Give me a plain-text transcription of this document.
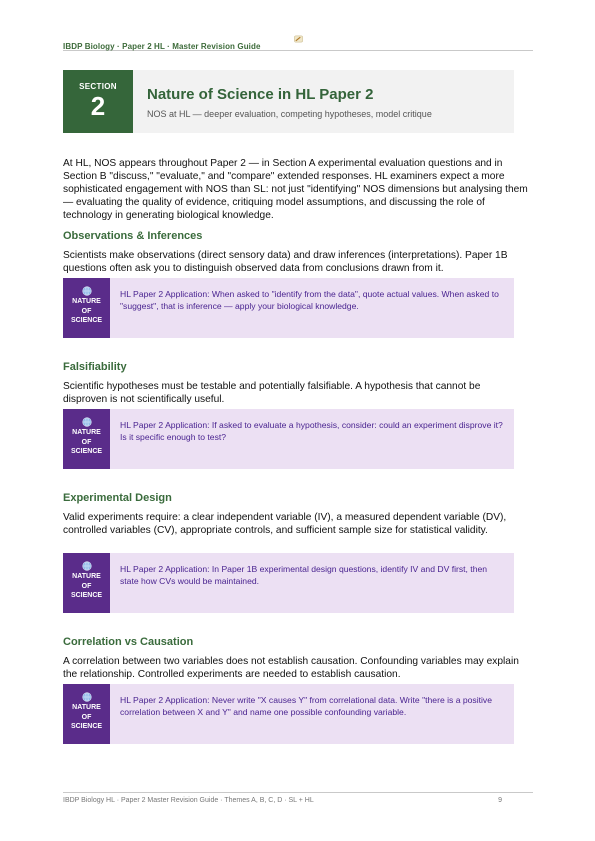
IBDP Biology · Paper 2 HL · Master Revision Guide
SECTION
2	Nature of Science in HL Paper 2
NOS at HL — deeper evaluation, competing hypotheses, model critique
At HL, NOS appears throughout Paper 2 — in Section A experimental evaluation questions and in Section B "discuss," "evaluate," and "compare" extended responses. HL examiners expect a more sophisticated engagement with NOS than SL: not just "identifying" NOS dimensions but analysing them — evaluating the quality of evidence, critiquing model assumptions, and discussing the role of technology in generating biological knowledge.
Observations & Inferences
Scientists make observations (direct sensory data) and draw inferences (interpretations). Paper 1B questions often ask you to distinguish observed data from conclusions drawn from it.
NATURE
OF
SCIENCE
HL Paper 2 Application: When asked to "identify from the data", quote actual values. When asked to "suggest", that is inference — apply your biological knowledge.
Falsifiability
Scientific hypotheses must be testable and potentially falsifiable. A hypothesis that cannot be disproven is not scientifically useful.
NATURE
OF
SCIENCE
HL Paper 2 Application: If asked to evaluate a hypothesis, consider: could an experiment disprove it? Is it specific enough to test?
Experimental Design
Valid experiments require: a clear independent variable (IV), a measured dependent variable (DV), controlled variables (CV), appropriate controls, and sufficient sample size for statistical validity.
NATURE
OF
SCIENCE
HL Paper 2 Application: In Paper 1B experimental design questions, identify IV and DV first, then state how CVs would be maintained.
Correlation vs Causation
A correlation between two variables does not establish causation. Confounding variables may explain the relationship. Controlled experiments are needed to establish causation.
NATURE
OF
SCIENCE
HL Paper 2 Application: Never write "X causes Y" from correlational data. Write "there is a positive correlation between X and Y" and name one possible confounding variable.
IBDP Biology HL · Paper 2 Master Revision Guide · Themes A, B, C, D · SL + HL	9
